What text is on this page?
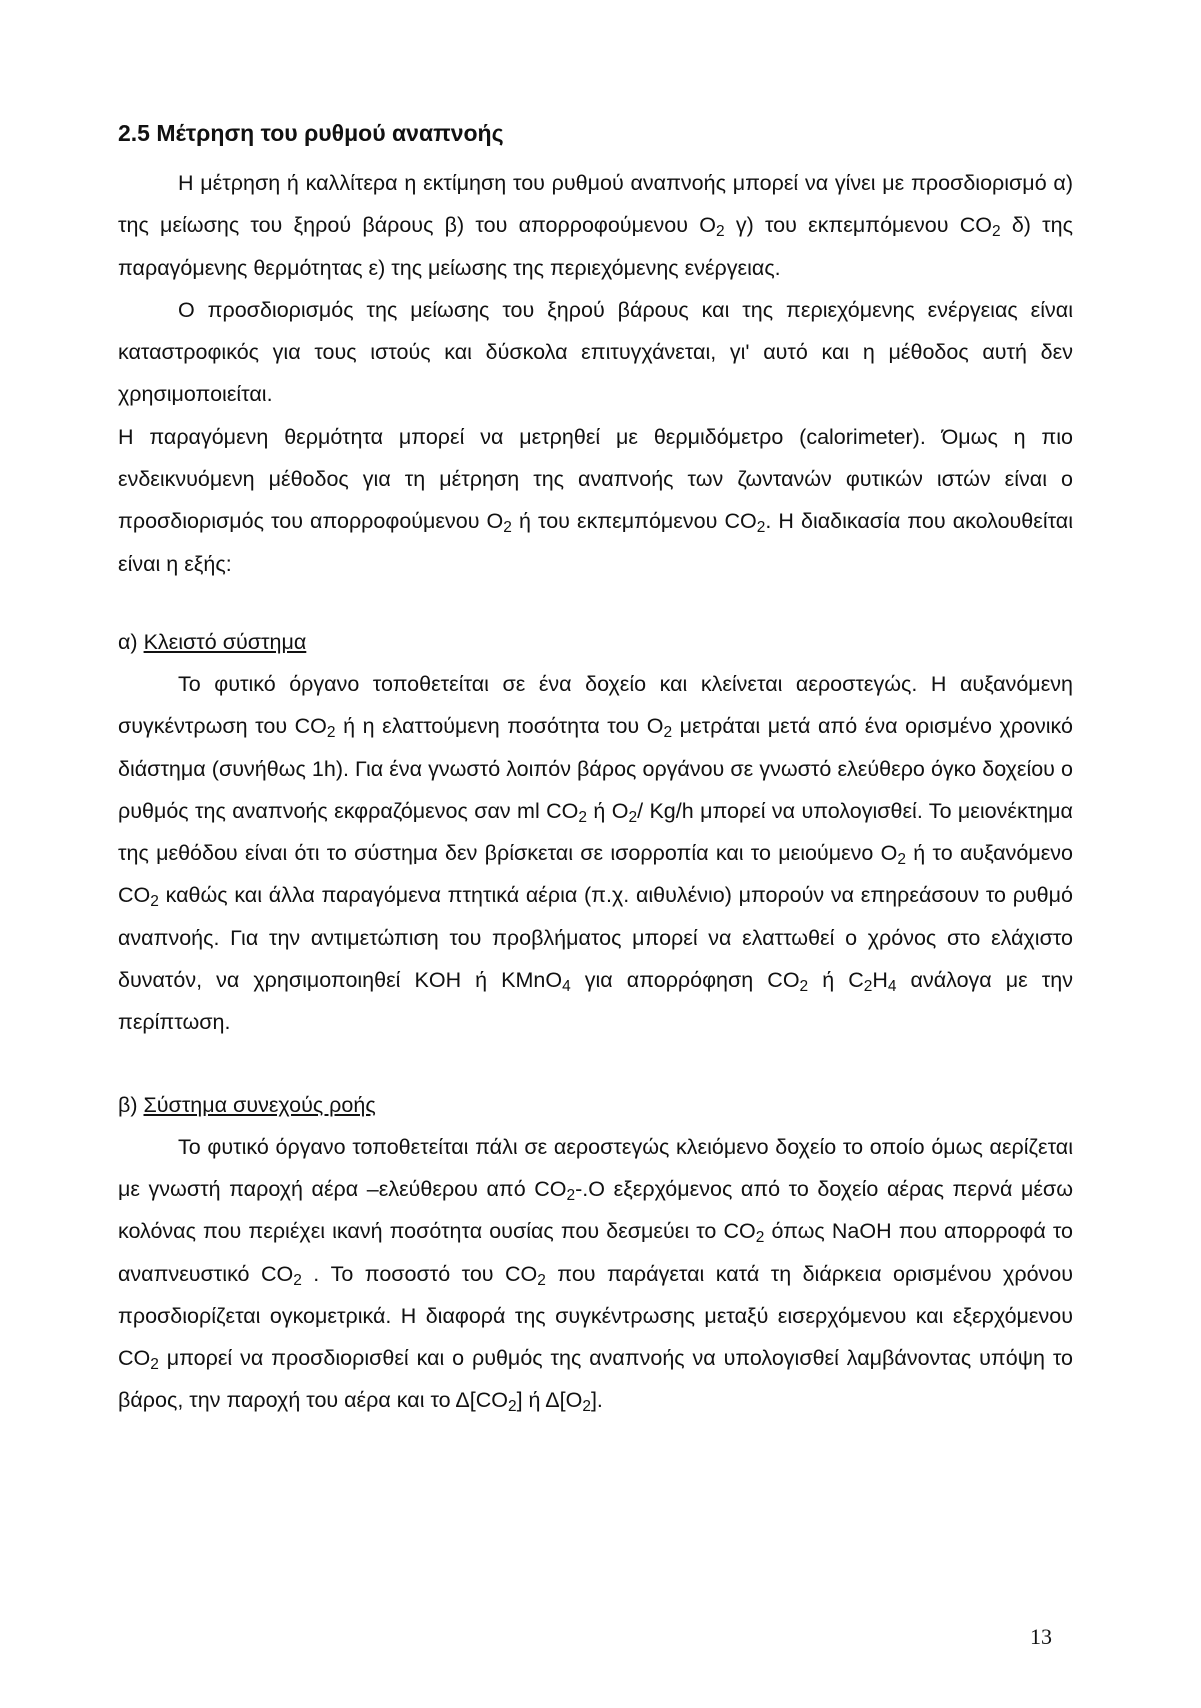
2.5 Μέτρηση του ρυθμού αναπνοής

Η μέτρηση ή καλλίτερα η εκτίμηση του ρυθμού αναπνοής μπορεί να γίνει με προσδιορισμό α) της μείωσης του ξηρού βάρους β) του απορροφούμενου $O_2$ γ) του εκπεμπόμενου $CO_2$ δ) της παραγόμενης θερμότητας ε) της μείωσης της περιεχόμενης ενέργειας.

Ο προσδιορισμός της μείωσης του ξηρού βάρους και της περιεχόμενης ενέργειας είναι καταστροφικός για τους ιστούς και δύσκολα επιτυγχάνεται, γι' αυτό και η μέθοδος αυτή δεν χρησιμοποιείται.

Η παραγόμενη θερμότητα μπορεί να μετρηθεί με θερμιδόμετρο (calorimeter). Όμως η πιο ενδεικνυόμενη μέθοδος για τη μέτρηση της αναπνοής των ζωντανών φυτικών ιστών είναι ο προσδιορισμός του απορροφούμενου $O_2$ ή του εκπεμπόμενου $CO_2$. Η διαδικασία που ακολουθείται είναι η εξής:

α) Κλειστό σύστημα

Το φυτικό όργανο τοποθετείται σε ένα δοχείο και κλείνεται αεροστεγώς. Η αυξανόμενη συγκέντρωση του $CO_2$ ή η ελαττούμενη ποσότητα του $O_2$ μετράται μετά από ένα ορισμένο χρονικό διάστημα (συνήθως 1h). Για ένα γνωστό λοιπόν βάρος οργάνου σε γνωστό ελεύθερο όγκο δοχείου ο ρυθμός της αναπνοής εκφραζόμενος σαν ml $CO_2$ ή $O_2/$ Kg/h μπορεί να υπολογισθεί. Το μειονέκτημα της μεθόδου είναι ότι το σύστημα δεν βρίσκεται σε ισορροπία και το μειούμενο $O_2$ ή το αυξανόμενο $CO_2$ καθώς και άλλα παραγόμενα πτητικά αέρια (π.χ. αιθυλένιο) μπορούν να επηρεάσουν το ρυθμό αναπνοής. Για την αντιμετώπιση του προβλήματος μπορεί να ελαττωθεί ο χρόνος στο ελάχιστο δυνατόν, να χρησιμοποιηθεί KOH ή KMnO$_4$ για απορρόφηση $CO_2$ ή $C_2H_4$ ανάλογα με την περίπτωση.

β) Σύστημα συνεχούς ροής

Το φυτικό όργανο τοποθετείται πάλι σε αεροστεγώς κλειόμενο δοχείο το οποίο όμως αερίζεται με γνωστή παροχή αέρα –ελεύθερου από $CO_2-.O$ εξερχόμενος από το δοχείο αέρας περνά μέσω κολόνας που περιέχει ικανή ποσότητα ουσίας που δεσμεύει το $CO_2$ όπως NaOH που απορροφά το αναπνευστικό $CO_2$ . Το ποσοστό του $CO_2$ που παράγεται κατά τη διάρκεια ορισμένου χρόνου προσδιορίζεται ογκομετρικά. Η διαφορά της συγκέντρωσης μεταξύ εισερχόμενου και εξερχόμενου $CO_2$ μπορεί να προσδιορισθεί και ο ρυθμός της αναπνοής να υπολογισθεί λαμβάνοντας υπόψη το βάρος, την παροχή του αέρα και το $\Delta[CO_2]$ ή $\Delta[O_2]$.

13
